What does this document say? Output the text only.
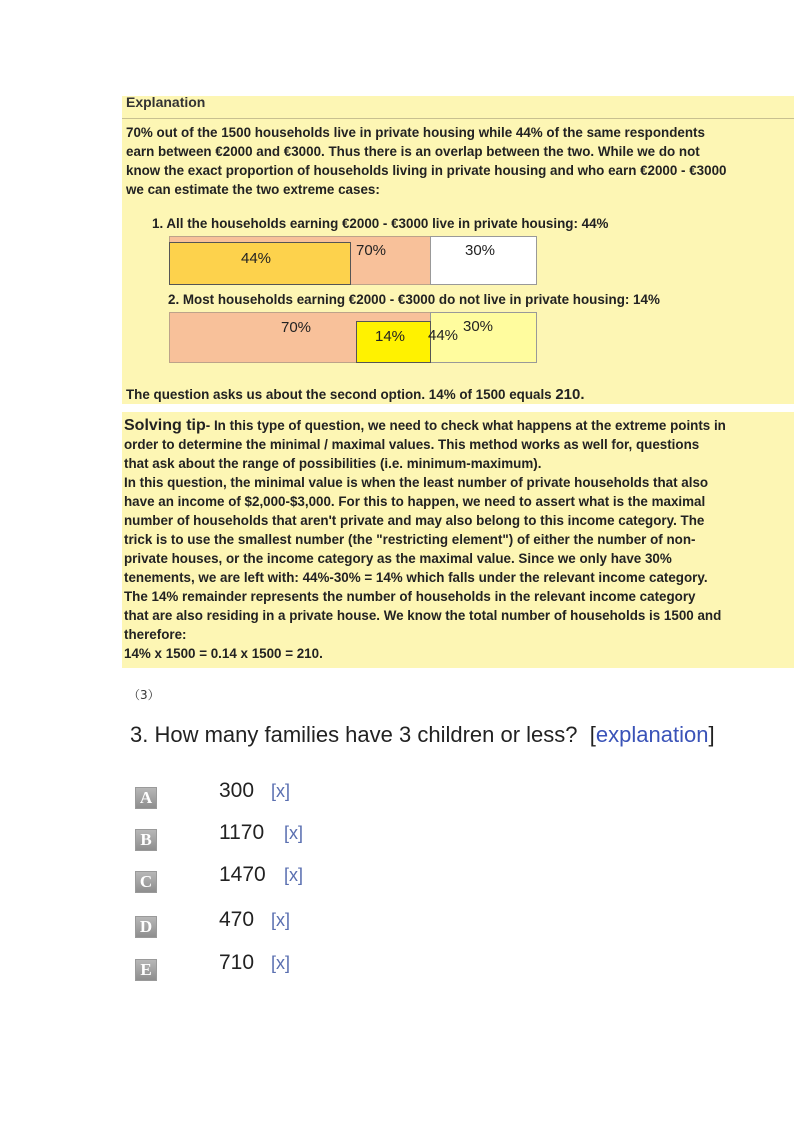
Explanation
70% out of the 1500 households live in private housing while 44% of the same respondents
earn between €2000 and €3000. Thus there is an overlap between the two. While we do not
know the exact proportion of households living in private housing and who earn €2000 - €3000
we can estimate the two extreme cases:
1. All the households earning €2000 - €3000 live in private housing: 44%
44%	70%	30%
2. Most households earning €2000 - €3000 do not live in private housing: 14%
70%
14% 44%
30%
The question asks us about the second option. 14% of 1500 equals 210.

Solving tip- In this type of question, we need to check what happens at the extreme points in

order to determine the minimal / maximal values. This method works as well for, questions

that ask about the range of possibilities (i.e. minimum-maximum).

In this question, the minimal value is when the least number of private households that also

have an income of $2,000-$3,000. For this to happen, we need to assert what is the maximal

number of households that aren't private and may also belong to this income category. The

trick is to use the smallest number (the "restricting element") of either the number of non-

private houses, or the income category as the maximal value. Since we only have 30%

tenements, we are left with: 44%-30% = 14% which falls under the relevant income category.

The 14% remainder represents the number of households in the relevant income category

that are also residing in a private house. We know the total number of households is 1500 and

therefore:

14% x 1500 = 0.14 x 1500 = 210.

（3）
3. How many families have 3 children or less? [explanation]
A	300 [x]
B	1170 [x]
C	1470 [x]
D	470 [x]
E	710 [x]
